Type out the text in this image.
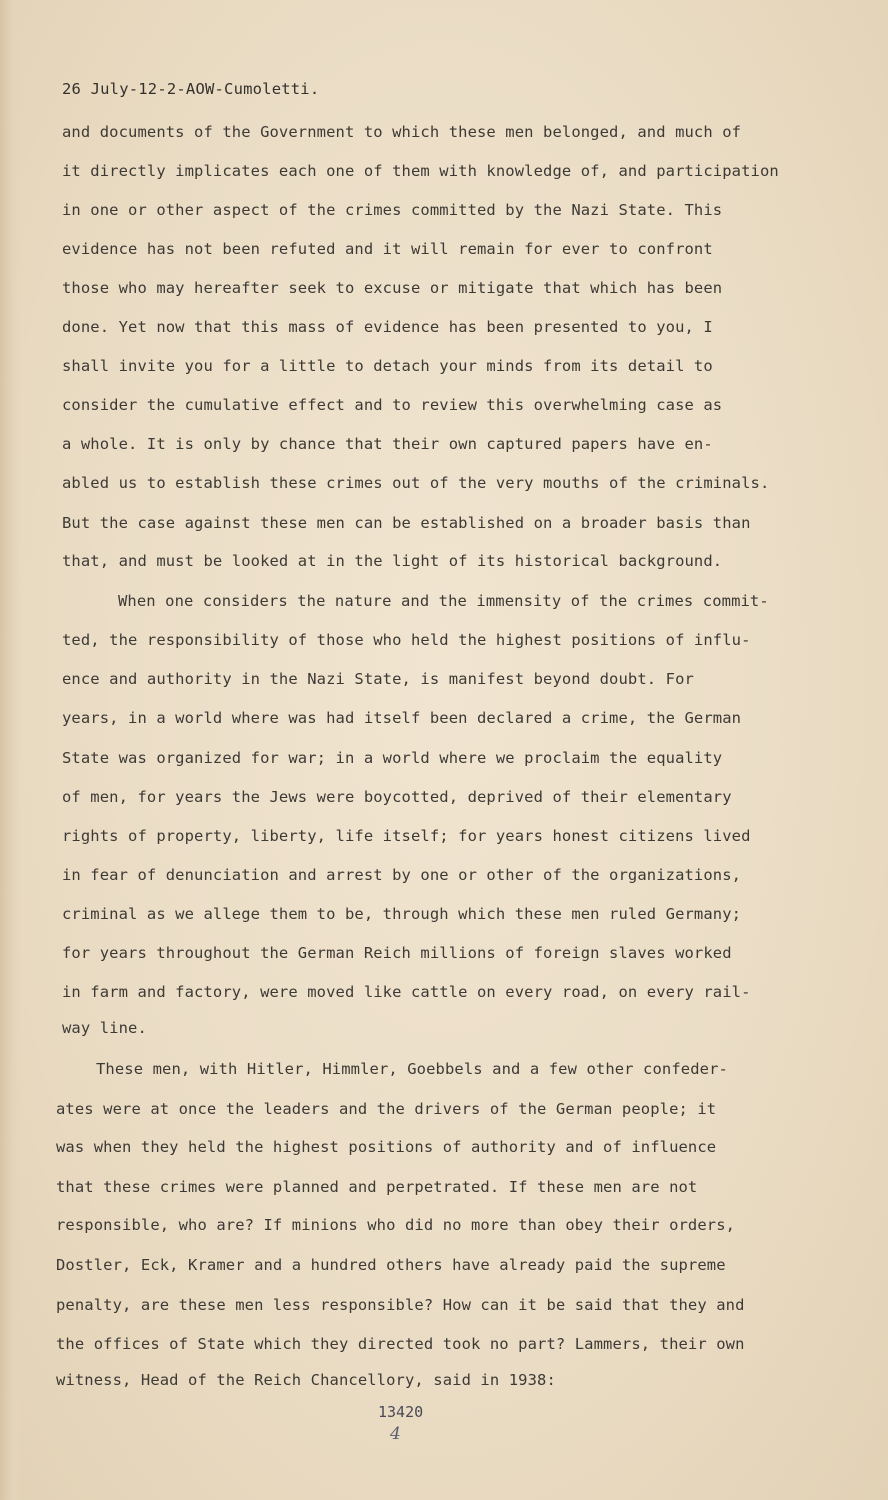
26 July-12-2-AOW-Cumoletti.
and documents of the Government to which these men belonged, and much of
it directly implicates each one of them with knowledge of, and participation
in one or other aspect of the crimes committed by the Nazi State. This
evidence has not been refuted and it will remain for ever to confront
those who may hereafter seek to excuse or mitigate that which has been
done. Yet now that this mass of evidence has been presented to you, I
shall invite you for a little to detach your minds from its detail to
consider the cumulative effect and to review this overwhelming case as
a whole. It is only by chance that their own captured papers have en-
abled us to establish these crimes out of the very mouths of the criminals.
But the case against these men can be established on a broader basis than
that, and must be looked at in the light of its historical background.
When one considers the nature and the immensity of the crimes commit-
ted, the responsibility of those who held the highest positions of influ-
ence and authority in the Nazi State, is manifest beyond doubt. For
years, in a world where was had itself been declared a crime, the German
State was organized for war; in a world where we proclaim the equality
of men, for years the Jews were boycotted, deprived of their elementary
rights of property, liberty, life itself; for years honest citizens lived
in fear of denunciation and arrest by one or other of the organizations,
criminal as we allege them to be, through which these men ruled Germany;
for years throughout the German Reich millions of foreign slaves worked
in farm and factory, were moved like cattle on every road, on every rail-
way line.
These men, with Hitler, Himmler, Goebbels and a few other confeder-
ates were at once the leaders and the drivers of the German people; it
was when they held the highest positions of authority and of influence
that these crimes were planned and perpetrated. If these men are not
responsible, who are? If minions who did no more than obey their orders,
Dostler, Eck, Kramer and a hundred others have already paid the supreme
penalty, are these men less responsible? How can it be said that they and
the offices of State which they directed took no part? Lammers, their own
witness, Head of the Reich Chancellory, said in 1938:
13420
4
